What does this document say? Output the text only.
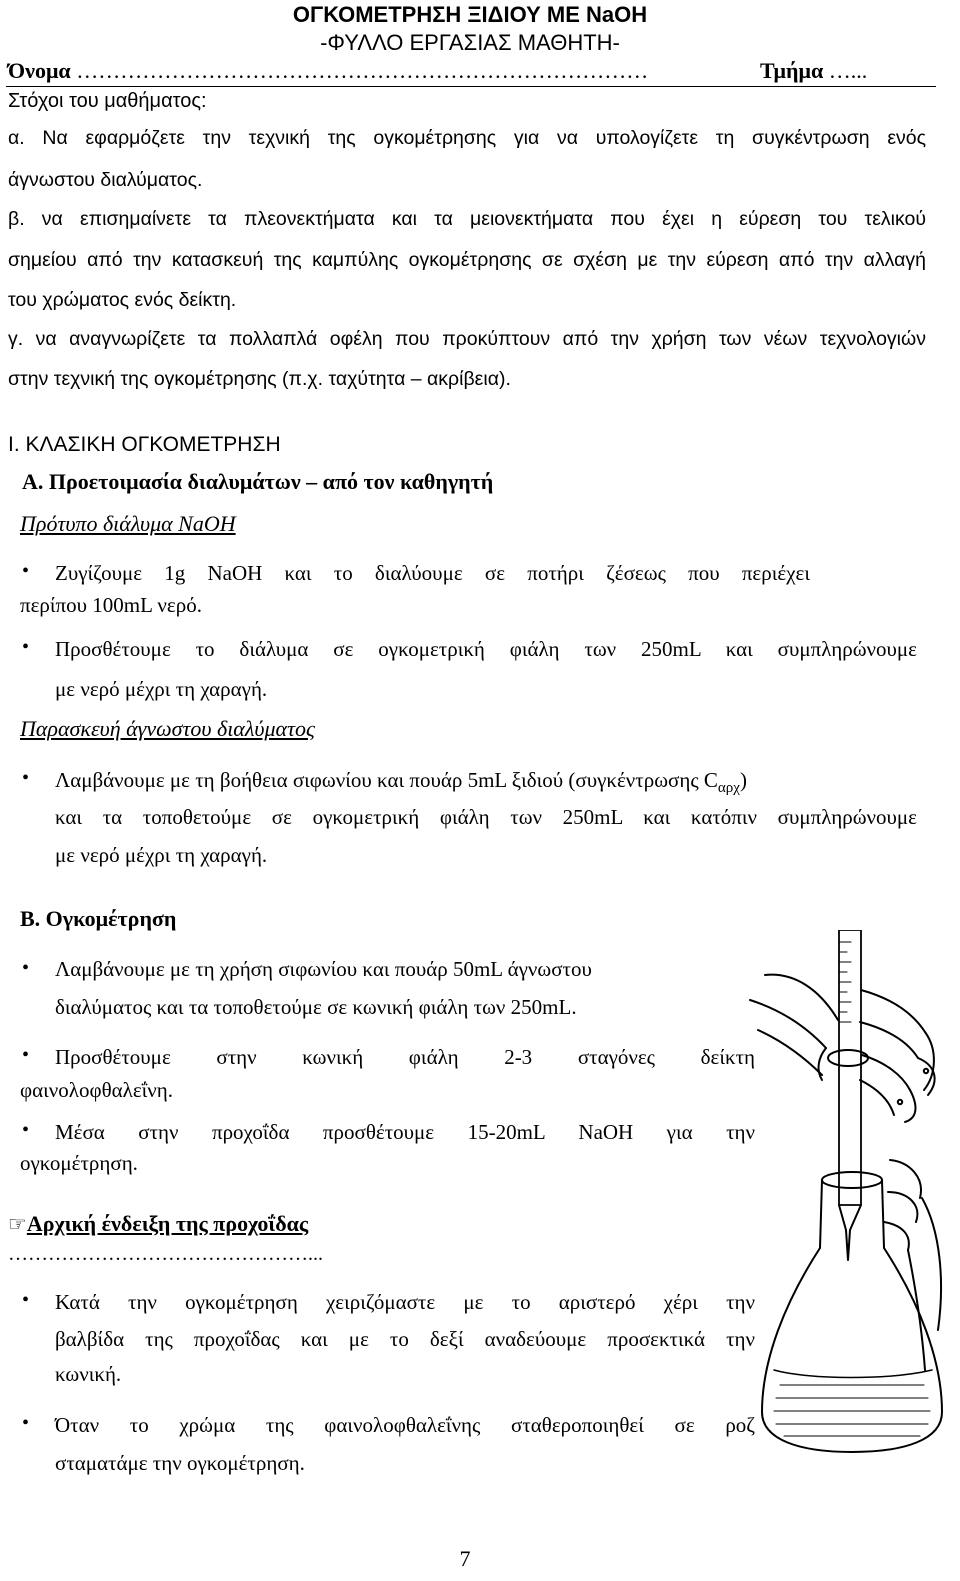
ΟΓΚΟΜΕΤΡΗΣΗ ΞΙΔΙΟΥ ΜΕ NaOH
-ΦΥΛΛΟ ΕΡΓΑΣΙΑΣ ΜΑΘΗΤΗ-
Όνομα ……………………………………………………………………	Τμήμα …...
Στόχοι του μαθήματος:
α. Να εφαρμόζετε την τεχνική της ογκομέτρησης για να υπολογίζετε τη συγκέντρωση ενός
άγνωστου διαλύματος.
β. να επισημαίνετε τα πλεονεκτήματα και τα μειονεκτήματα που έχει η εύρεση του τελικού
σημείου από την κατασκευή της καμπύλης ογκομέτρησης σε σχέση με την εύρεση από την αλλαγή
του χρώματος ενός δείκτη.
γ. να αναγνωρίζετε τα πολλαπλά οφέλη που προκύπτουν από την χρήση των νέων τεχνολογιών
στην τεχνική της ογκομέτρησης (π.χ. ταχύτητα – ακρίβεια).
Ι. ΚΛΑΣΙΚΗ ΟΓΚΟΜΕΤΡΗΣΗ
Α. Προετοιμασία διαλυμάτων – από τον καθηγητή
Πρότυπο διάλυμα NaOH
• Ζυγίζουμε 1g NaOH και το διαλύουμε σε ποτήρι ζέσεως που περιέχει
περίπου 100mL νερό.
• Προσθέτουμε το διάλυμα σε ογκομετρική φιάλη των 250mL και συμπληρώνουμε
με νερό μέχρι τη χαραγή.
Παρασκευή άγνωστου διαλύματος
• Λαμβάνουμε με τη βοήθεια σιφωνίου και πουάρ 5mL ξιδιού (συγκέντρωσης $C_{\alpha\rho\chi}$)
και τα τοποθετούμε σε ογκομετρική φιάλη των 250mL και κατόπιν συμπληρώνουμε
με νερό μέχρι τη χαραγή.
Β. Ογκομέτρηση
• Λαμβάνουμε με τη χρήση σιφωνίου και πουάρ 50mL άγνωστου
διαλύματος και τα τοποθετούμε σε κωνική φιάλη των 250mL.
• Προσθέτουμε στην κωνική φιάλη 2-3 σταγόνες δείκτη
φαινολοφθαλεΐνη.
• Μέσα στην προχοΐδα προσθέτουμε 15-20mL NaOH για την
ογκομέτρηση.
☞Αρχική ένδειξη της προχοΐδας
………………………………………...
• Κατά την ογκομέτρηση χειριζόμαστε με το αριστερό χέρι την
βαλβίδα της προχοΐδας και με το δεξί αναδεύουμε προσεκτικά την
κωνική.
• Όταν το χρώμα της φαινολοφθαλεΐνης σταθεροποιηθεί σε ροζ
σταματάμε την ογκομέτρηση.
7
